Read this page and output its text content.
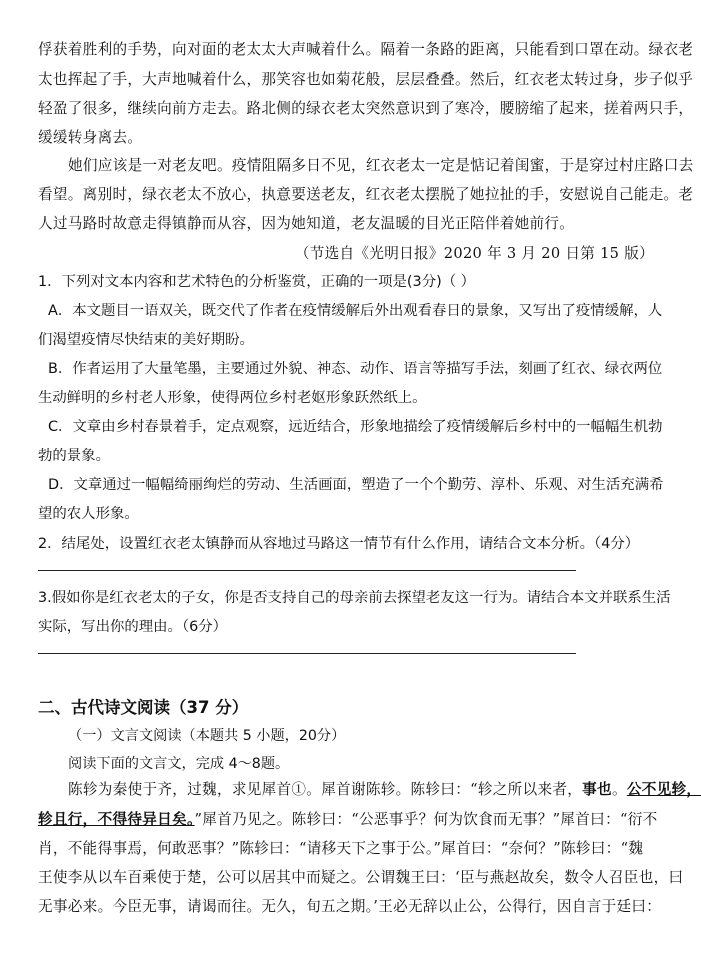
俘获着胜利的手势，向对面的老太太大声喊着什么。隔着一条路的距离，只能看到口罩在动。绿衣老
太也挥起了手，大声地喊着什么，那笑容也如菊花般，层层叠叠。然后，红衣老太转过身，步子似乎
轻盈了很多，继续向前方走去。路北侧的绿衣老太突然意识到了寒冷，腰膀缩了起来，搓着两只手，
缓缓转身离去。
她们应该是一对老友吧。疫情阻隔多日不见，红衣老太一定是惦记着闺蜜，于是穿过村庄路口去
看望。离别时，绿衣老太不放心，执意要送老友，红衣老太摆脱了她拉扯的手，安慰说自己能走。老
人过马路时故意走得镇静而从容，因为她知道，老友温暖的目光正陪伴着她前行。
（节选自《光明日报》2020 年 3 月 20 日第 15 版）
1．下列对文本内容和艺术特色的分析鉴赏，正确的一项是(3分)（ ）
A．本文题目一语双关，既交代了作者在疫情缓解后外出观看春日的景象，又写出了疫情缓解，人
们渴望疫情尽快结束的美好期盼。
B．作者运用了大量笔墨，主要通过外貌、神态、动作、语言等描写手法，刻画了红衣、绿衣两位
生动鲜明的乡村老人形象，使得两位乡村老妪形象跃然纸上。
C．文章由乡村春景着手，定点观察，远近结合，形象地描绘了疫情缓解后乡村中的一幅幅生机勃
勃的景象。
D．文章通过一幅幅绮丽绚烂的劳动、生活画面，塑造了一个个勤劳、淳朴、乐观、对生活充满希
望的农人形象。
2．结尾处，设置红衣老太镇静而从容地过马路这一情节有什么作用，请结合文本分析。（4分）
3.假如你是红衣老太的子女，你是否支持自己的母亲前去探望老友这一行为。请结合本文并联系生活
实际，写出你的理由。（6分）
二、古代诗文阅读（37 分）
（一）文言文阅读（本题共 5 小题，20分）
阅读下面的文言文，完成 4～8题。
陈轸为秦使于齐，过魏，求见犀首①。犀首谢陈轸。陈轸曰：“轸之所以来者，事也。公不见轸，
轸且行，不得待异日矣。”犀首乃见之。陈轸曰：“公恶事乎？何为饮食而无事？”犀首曰：“衍不
肖，不能得事焉，何敢恶事？”陈轸曰：“请移天下之事于公。”犀首曰：“奈何？”陈轸曰：“魏
王使李从以车百乘使于楚，公可以居其中而疑之。公谓魏王曰：‘臣与燕赵故矣，数令人召臣也，曰
无事必来。今臣无事，请谒而往。无久，旬五之期。’王必无辞以止公，公得行，因自言于廷曰：
